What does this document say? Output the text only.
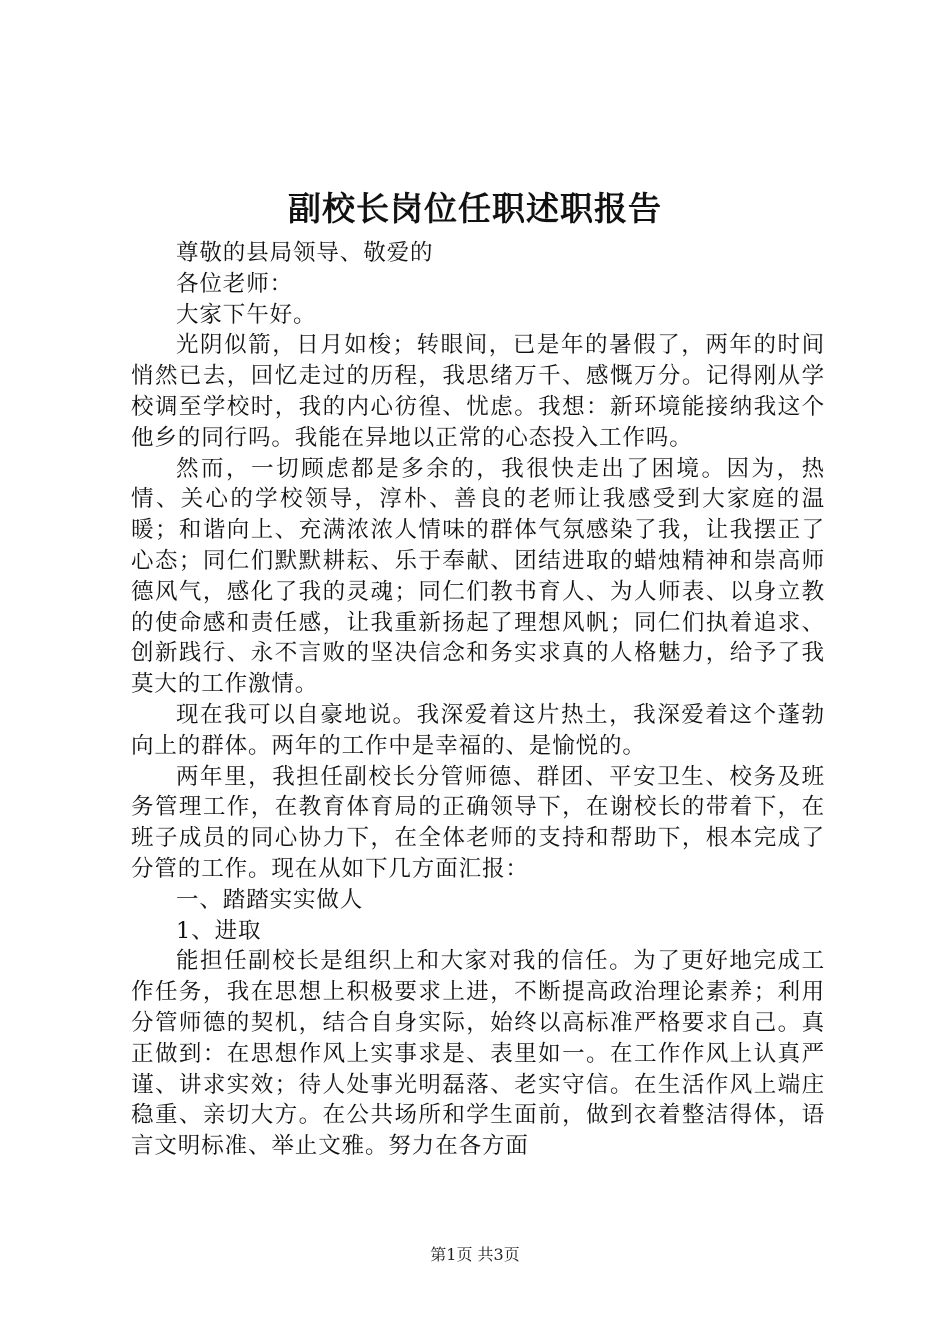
副校长岗位任职述职报告

尊敬的县局领导、敬爱的

各位老师：

大家下午好。

光阴似箭，日月如梭；转眼间，已是年的暑假了，两年的时间悄然已去，回忆走过的历程，我思绪万千、感慨万分。记得刚从学校调至学校时，我的内心彷徨、忧虑。我想：新环境能接纳我这个他乡的同行吗。我能在异地以正常的心态投入工作吗。

然而，一切顾虑都是多余的，我很快走出了困境。因为，热情、关心的学校领导，淳朴、善良的老师让我感受到大家庭的温暖；和谐向上、充满浓浓人情味的群体气氛感染了我，让我摆正了心态；同仁们默默耕耘、乐于奉献、团结进取的蜡烛精神和崇高师德风气，感化了我的灵魂；同仁们教书育人、为人师表、以身立教的使命感和责任感，让我重新扬起了理想风帆；同仁们执着追求、创新践行、永不言败的坚决信念和务实求真的人格魅力，给予了我莫大的工作激情。

现在我可以自豪地说。我深爱着这片热土，我深爱着这个蓬勃向上的群体。两年的工作中是幸福的、是愉悦的。

两年里，我担任副校长分管师德、群团、平安卫生、校务及班务管理工作，在教育体育局的正确领导下，在谢校长的带着下，在班子成员的同心协力下，在全体老师的支持和帮助下，根本完成了分管的工作。现在从如下几方面汇报：

一、踏踏实实做人

1、进取

能担任副校长是组织上和大家对我的信任。为了更好地完成工作任务，我在思想上积极要求上进，不断提高政治理论素养；利用分管师德的契机，结合自身实际，始终以高标准严格要求自己。真正做到：在思想作风上实事求是、表里如一。在工作作风上认真严谨、讲求实效；待人处事光明磊落、老实守信。在生活作风上端庄稳重、亲切大方。在公共场所和学生面前，做到衣着整洁得体，语言文明标准、举止文雅。努力在各方面

第1页 共3页
